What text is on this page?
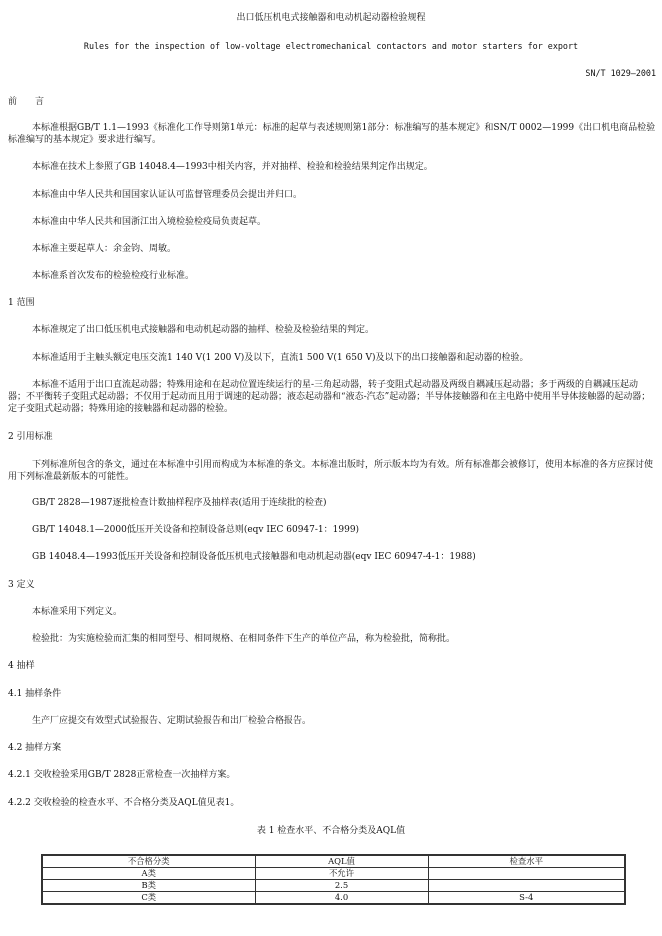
出口低压机电式接触器和电动机起动器检验规程
Rules for the inspection of low-voltage electromechanical contactors and motor starters for export
SN/T 1029—2001
前　　言
本标准根据GB/T 1.1—1993《标准化工作导则第1单元：标准的起草与表述规则第1部分：标准编写的基本规定》和SN/T 0002—1999《出口机电商品检验标准编写的基本规定》要求进行编写。
本标准在技术上参照了GB 14048.4—1993中相关内容，并对抽样、检验和检验结果判定作出规定。
本标准由中华人民共和国国家认证认可监督管理委员会提出并归口。
本标准由中华人民共和国浙江出入境检验检疫局负责起草。
本标准主要起草人：余金钧、周敏。
本标准系首次发布的检验检疫行业标准。
1 范围
本标准规定了出口低压机电式接触器和电动机起动器的抽样、检验及检验结果的判定。
本标准适用于主触头额定电压交流1 140 V(1 200 V)及以下，直流1 500 V(1 650 V)及以下的出口接触器和起动器的检验。
本标准不适用于出口直流起动器；特殊用途和在起动位置连续运行的星-三角起动器，转子变阻式起动器及两级自耦减压起动器；多于两级的自耦减压起动器；不平衡转子变阻式起动器；不仅用于起动而且用于调速的起动器；液态起动器和“液态-汽态”起动器；半导体接触器和在主电路中使用半导体接触器的起动器；定子变阻式起动器；特殊用途的接触器和起动器的检验。
2 引用标准
下列标准所包含的条文，通过在本标准中引用而构成为本标准的条文。本标准出版时，所示版本均为有效。所有标准都会被修订，使用本标准的各方应探讨使用下列标准最新版本的可能性。
GB/T 2828—1987逐批检查计数抽样程序及抽样表(适用于连续批的检查)
GB/T 14048.1—2000低压开关设备和控制设备总则(eqv IEC 60947-1：1999)
GB 14048.4—1993低压开关设备和控制设备低压机电式接触器和电动机起动器(eqv IEC 60947-4-1：1988)
3 定义
本标准采用下列定义。
检验批：为实施检验而汇集的相同型号、相同规格、在相同条件下生产的单位产品，称为检验批，简称批。
4 抽样
4.1 抽样条件
生产厂应提交有效型式试验报告、定期试验报告和出厂检验合格报告。
4.2 抽样方案
4.2.1 交收检验采用GB/T 2828正常检查一次抽样方案。
4.2.2 交收检验的检查水平、不合格分类及AQL值见表1。
表 1 检查水平、不合格分类及AQL值
不合格分类	AQL值	检查水平
A类	不允许	
B类	2.5	
C类	4.0	S-4
